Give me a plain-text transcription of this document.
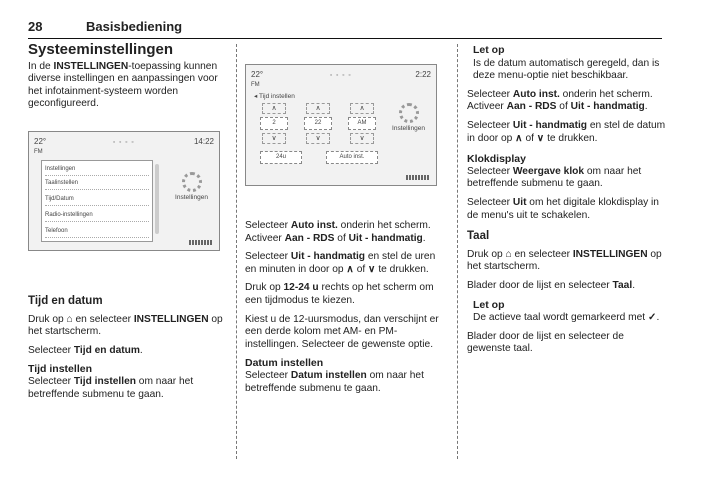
28	Basisbediening
Systeeminstellingen

In de INSTELLINGEN-toepassing kunnen diverse instellingen en aanpassingen voor het infotainment-systeem worden geconfigureerd.

22°	◦ ◦ ◦ ◦	14:22
FM
Instellingen
Taalinstellen
Tijd/Datum
Radio-instellingen
Telefoon
Instellingen
Tijd en datum

Druk op ⌂ en selecteer INSTELLINGEN op het startscherm.

Selecteer Tijd en datum.

Tijd instellen

Selecteer Tijd instellen om naar het betreffende submenu te gaan.

22°	◦ ◦ ◦ ◦	2:22
FM
◂ Tijd instellen
∧	∧	∧
2	22	AM
∨	∨	∨
24u	Auto inst.
Instellingen

Selecteer Auto inst. onderin het scherm. Activeer Aan - RDS of Uit - handmatig.

Selecteer Uit - handmatig en stel de uren en minuten in door op ∧ of ∨ te drukken.

Druk op 12-24 u rechts op het scherm om een tijdmodus te kiezen.

Kiest u de 12-uursmodus, dan verschijnt er een derde kolom met AM- en PM-instellingen. Selecteer de gewenste optie.

Datum instellen

Selecteer Datum instellen om naar het betreffende submenu te gaan.

Let op
Is de datum automatisch geregeld, dan is deze menu-optie niet beschikbaar.

Selecteer Auto inst. onderin het scherm. Activeer Aan - RDS of Uit - handmatig.

Selecteer Uit - handmatig en stel de datum in door op ∧ of ∨ te drukken.

Klokdisplay

Selecteer Weergave klok om naar het betreffende submenu te gaan.

Selecteer Uit om het digitale klokdisplay in de menu's uit te schakelen.

Taal

Druk op ⌂ en selecteer INSTELLINGEN op het startscherm.

Blader door de lijst en selecteer Taal.

Let op
De actieve taal wordt gemarkeerd met ✓.

Blader door de lijst en selecteer de gewenste taal.
